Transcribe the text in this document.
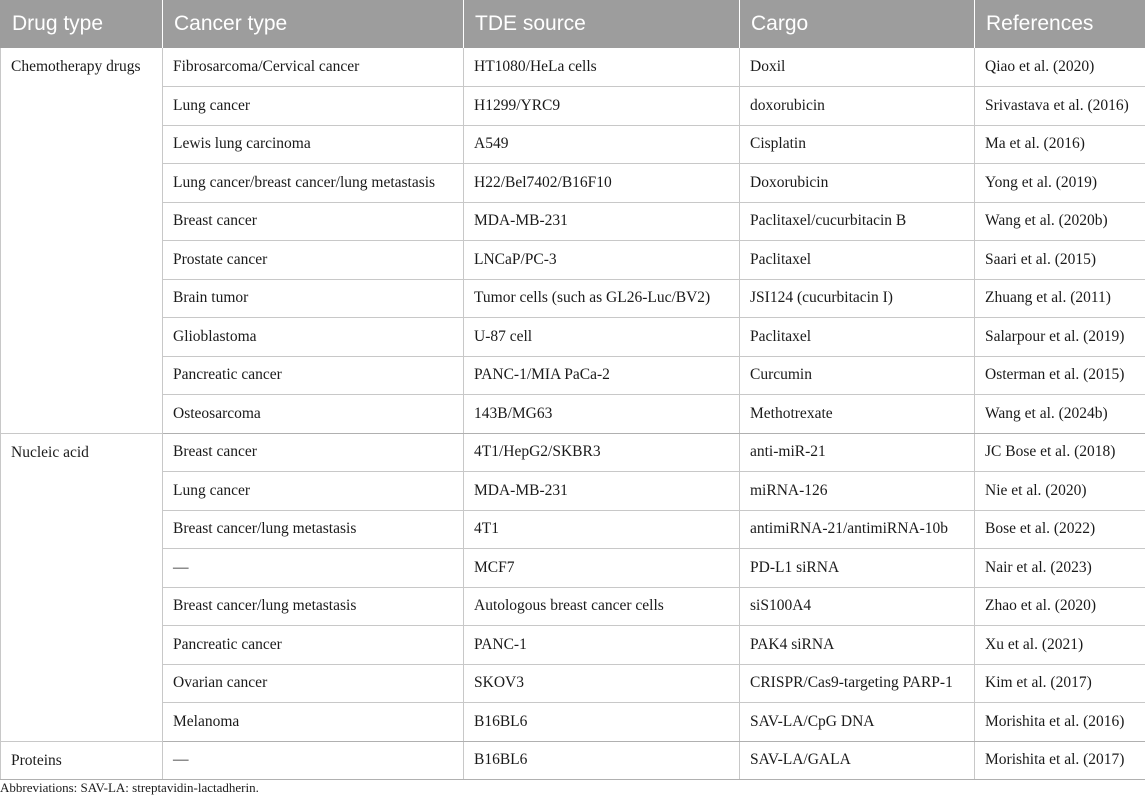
Drug type	Cancer type	TDE source	Cargo	References
Chemotherapy drugs	Fibrosarcoma/Cervical cancer	HT1080/HeLa cells	Doxil	Qiao et al. (2020)
	Lung cancer	H1299/YRC9	doxorubicin	Srivastava et al. (2016)
	Lewis lung carcinoma	A549	Cisplatin	Ma et al. (2016)
	Lung cancer/breast cancer/lung metastasis	H22/Bel7402/B16F10	Doxorubicin	Yong et al. (2019)
	Breast cancer	MDA-MB-231	Paclitaxel/cucurbitacin B	Wang et al. (2020b)
	Prostate cancer	LNCaP/PC-3	Paclitaxel	Saari et al. (2015)
	Brain tumor	Tumor cells (such as GL26-Luc/BV2)	JSI124 (cucurbitacin I)	Zhuang et al. (2011)
	Glioblastoma	U-87 cell	Paclitaxel	Salarpour et al. (2019)
	Pancreatic cancer	PANC-1/MIA PaCa-2	Curcumin	Osterman et al. (2015)
	Osteosarcoma	143B/MG63	Methotrexate	Wang et al. (2024b)
Nucleic acid	Breast cancer	4T1/HepG2/SKBR3	anti-miR-21	JC Bose et al. (2018)
	Lung cancer	MDA-MB-231	miRNA-126	Nie et al. (2020)
	Breast cancer/lung metastasis	4T1	antimiRNA-21/antimiRNA-10b	Bose et al. (2022)
	—	MCF7	PD-L1 siRNA	Nair et al. (2023)
	Breast cancer/lung metastasis	Autologous breast cancer cells	siS100A4	Zhao et al. (2020)
	Pancreatic cancer	PANC-1	PAK4 siRNA	Xu et al. (2021)
	Ovarian cancer	SKOV3	CRISPR/Cas9-targeting PARP-1	Kim et al. (2017)
	Melanoma	B16BL6	SAV-LA/CpG DNA	Morishita et al. (2016)
Proteins	—	B16BL6	SAV-LA/GALA	Morishita et al. (2017)
Abbreviations: SAV-LA: streptavidin-lactadherin.
